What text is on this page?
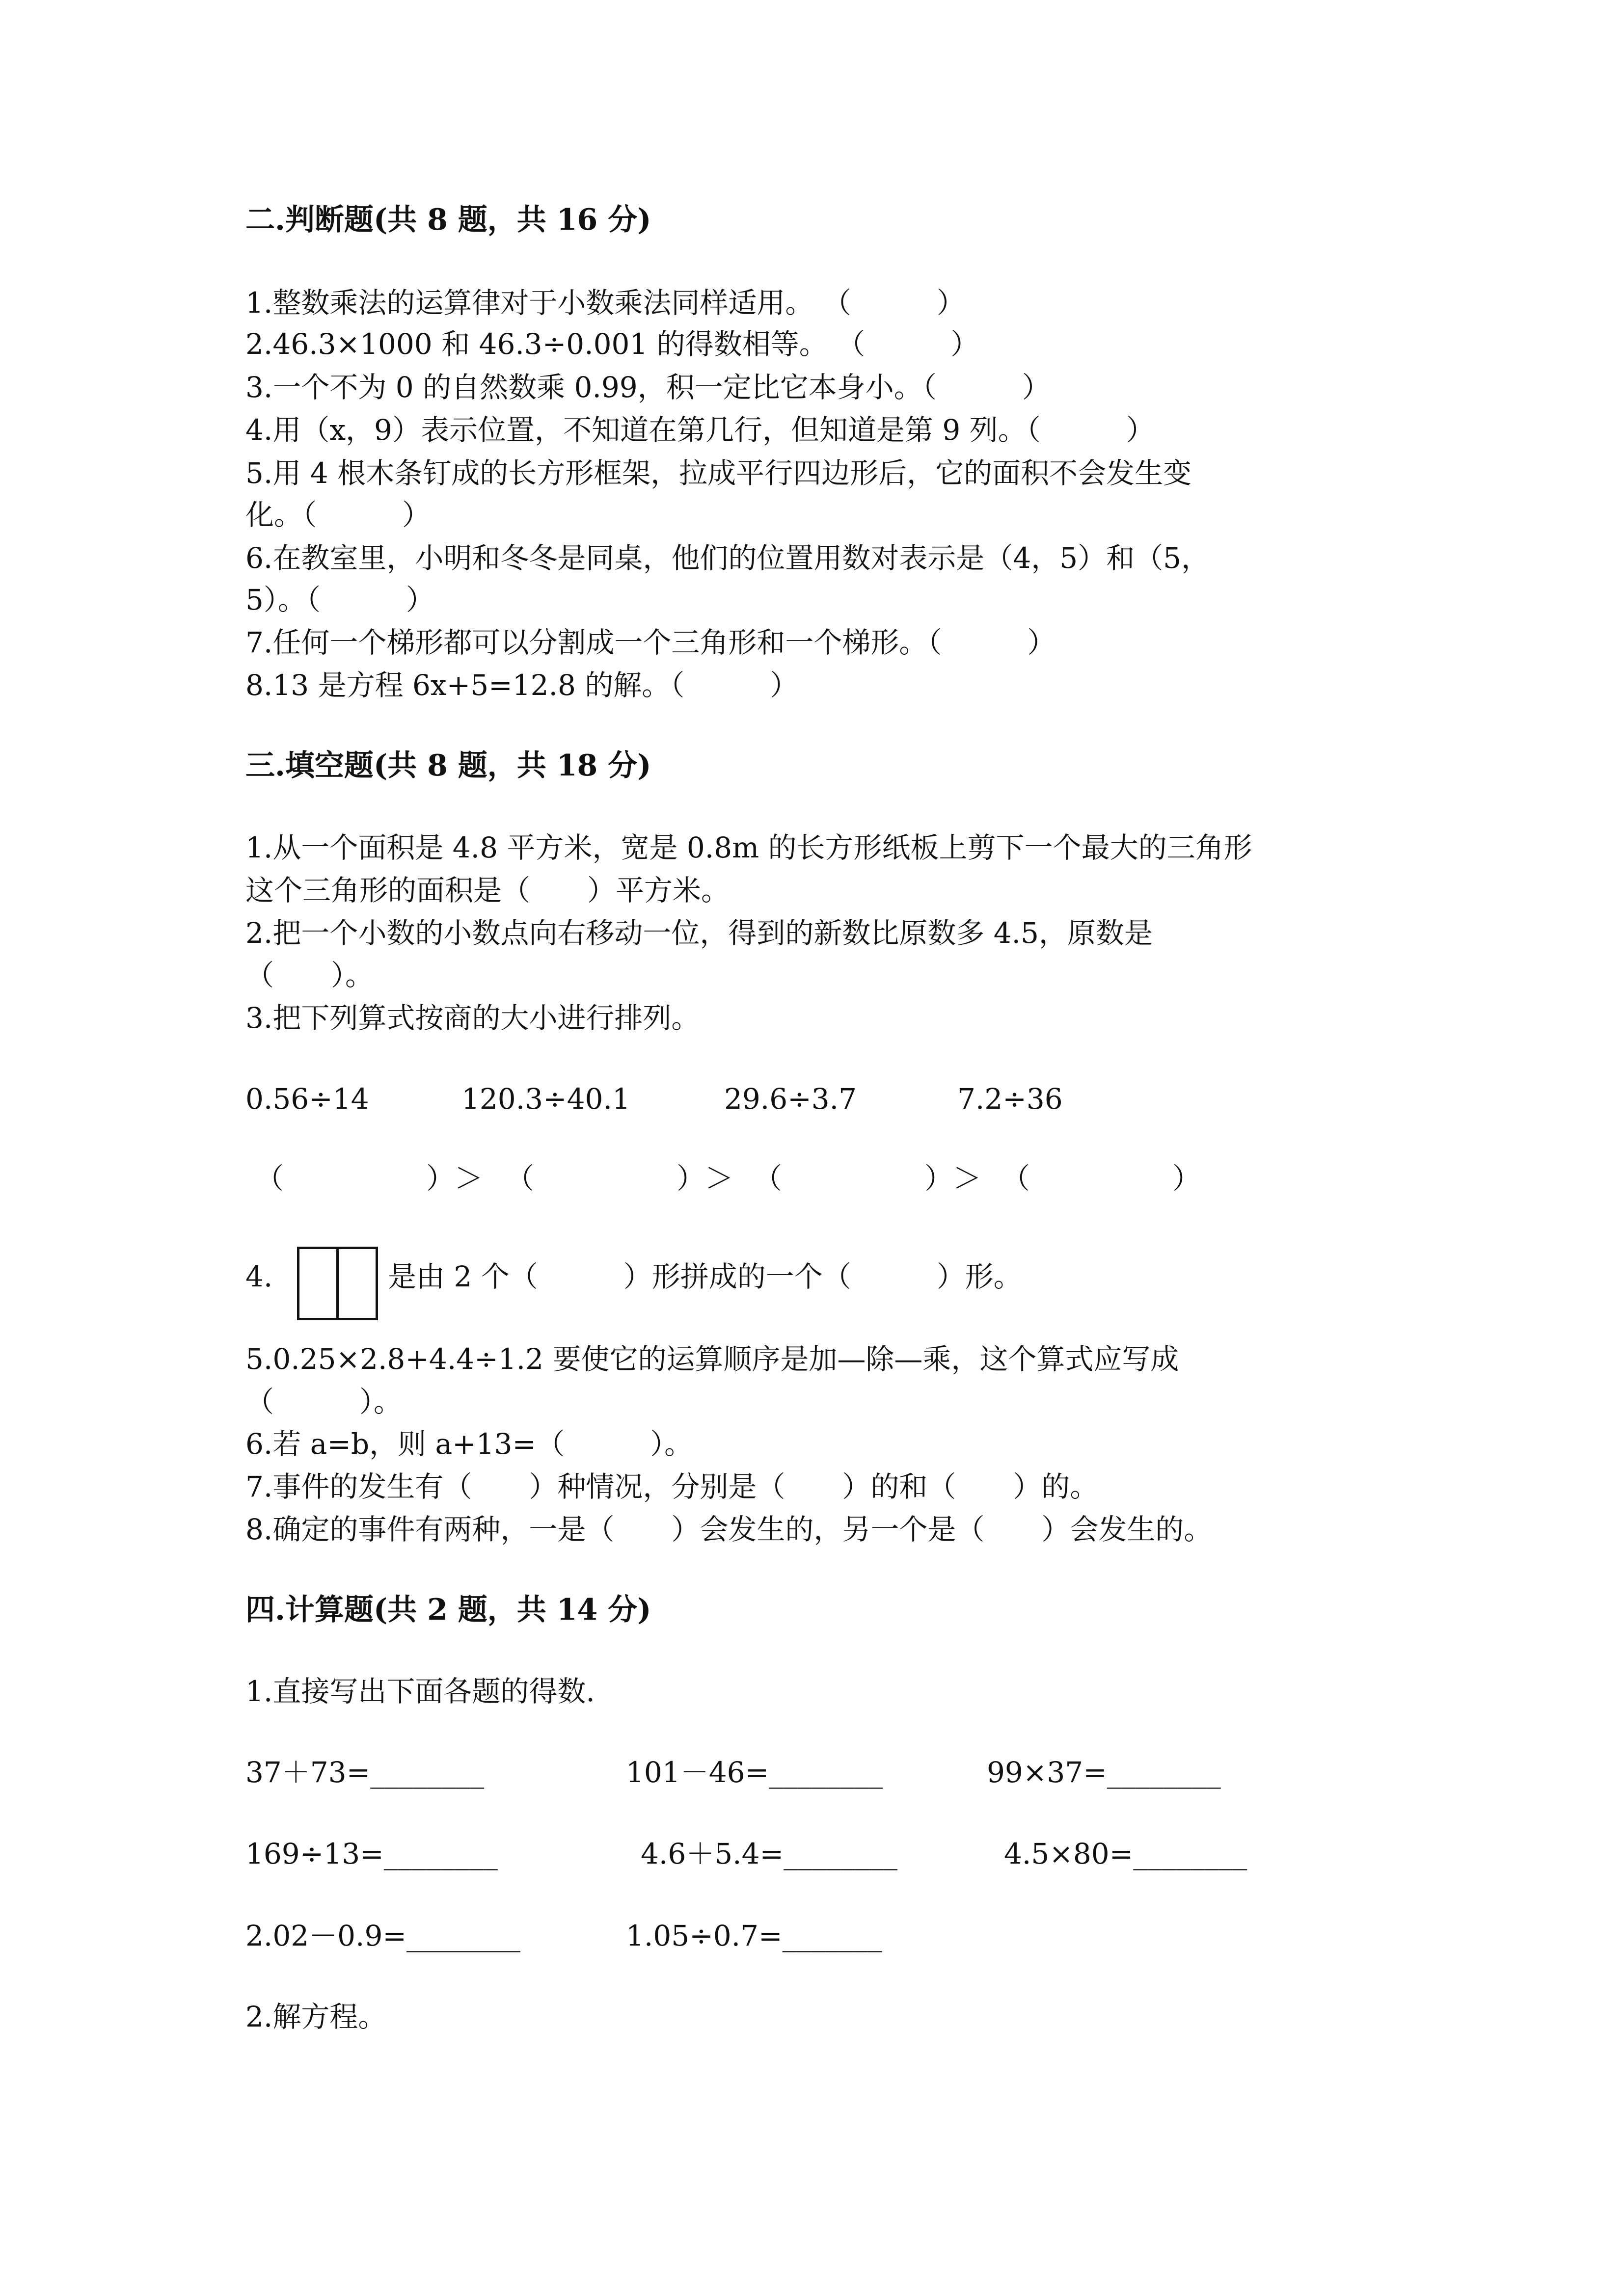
二.判断题(共 8 题，共 16 分)
1.整数乘法的运算律对于小数乘法同样适用。 （　　　）
2.46.3×1000 和 46.3÷0.001 的得数相等。 （　　　）
3.一个不为 0 的自然数乘 0.99，积一定比它本身小。（　　　）
4.用（x，9）表示位置，不知道在第几行，但知道是第 9 列。（　　　）
5.用 4 根木条钉成的长方形框架，拉成平行四边形后，它的面积不会发生变
化。（　　　）
6.在教室里，小明和冬冬是同桌，他们的位置用数对表示是（4，5）和（5，
5）。（　　　）
7.任何一个梯形都可以分割成一个三角形和一个梯形。（　　　）
8.13 是方程 6x+5=12.8 的解。（　　　）
三.填空题(共 8 题，共 18 分)
1.从一个面积是 4.8 平方米，宽是 0.8m 的长方形纸板上剪下一个最大的三角形
这个三角形的面积是（　　）平方米。
2.把一个小数的小数点向右移动一位，得到的新数比原数多 4.5，原数是
（　　）。
3.把下列算式按商的大小进行排列。
0.56÷14	120.3÷40.1	29.6÷3.7	7.2÷36
（　　　　　）＞ （　　　　　）＞ （　　　　　）＞ （　　　　　）
4.	是由 2 个（　　　）形拼成的一个（　　　）形。
5.0.25×2.8+4.4÷1.2 要使它的运算顺序是加—除—乘，这个算式应写成
（　　　）。
6.若 a=b，则 a+13=（　　　）。
7.事件的发生有（　　）种情况，分别是（　　）的和（　　）的。
8.确定的事件有两种，一是（　　）会发生的，另一个是（　　）会发生的。
四.计算题(共 2 题，共 14 分)
1.直接写出下面各题的得数.
37＋73=________	101－46=________	99×37=________
169÷13=________	4.6＋5.4=________	4.5×80=________
2.02－0.9=________	1.05÷0.7=_______
2.解方程。
